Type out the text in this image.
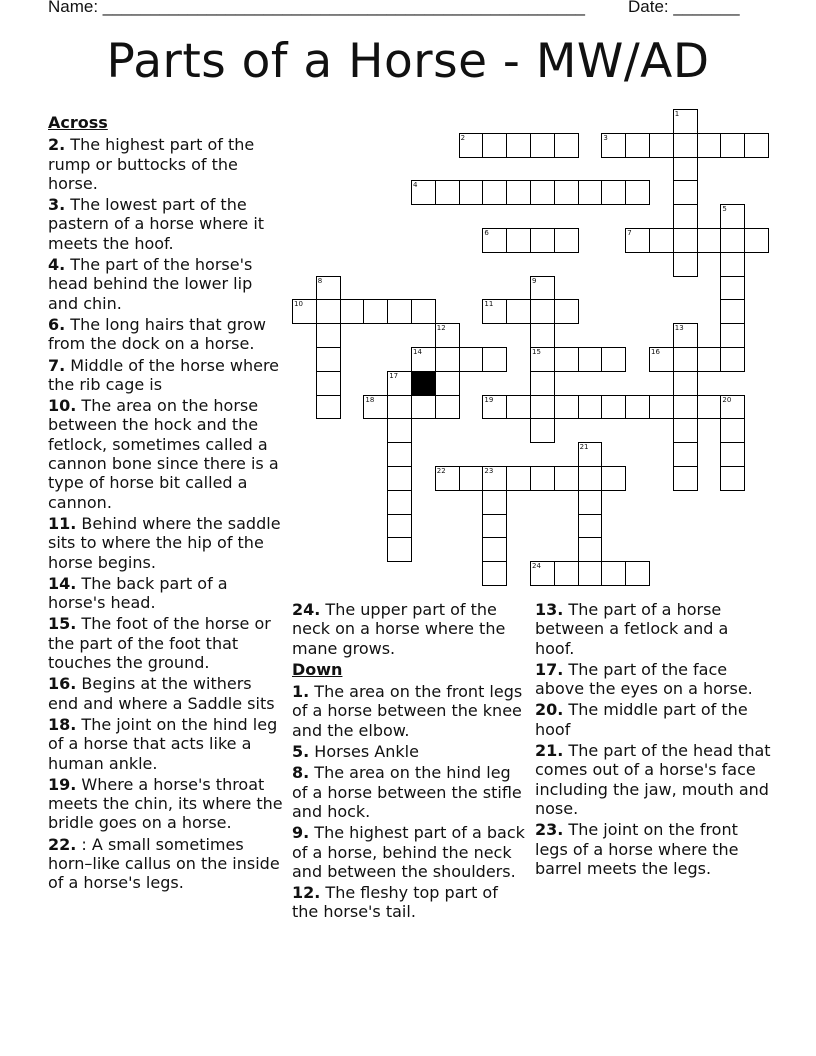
Name: ___________________________________________________	Date: _______
Parts of a Horse - MW/AD
1
2	3
4
5
6	7
8	9
15
10	11
12	13
14	16
17
18	19	20
21
22	23
24
Across
2. The highest part of the rump or buttocks of the horse.
3. The lowest part of the pastern of a horse where it meets the hoof.
4. The part of the horse's head behind the lower lip and chin.
6. The long hairs that grow from the dock on a horse.
7. Middle of the horse where the rib cage is
10. The area on the horse between the hock and the fetlock, sometimes called a cannon bone since there is a type of horse bit called a cannon.
11. Behind where the saddle sits to where the hip of the horse begins.
14. The back part of a horse's head.
15. The foot of the horse or the part of the foot that touches the ground.
16. Begins at the withers end and where a Saddle sits
18. The joint on the hind leg of a horse that acts like a human ankle.
19. Where a horse's throat meets the chin, its where the bridle goes on a horse.
22. : A small sometimes horn–like callus on the inside of a horse's legs.
24. The upper part of the neck on a horse where the mane grows.
Down
1. The area on the front legs of a horse between the knee and the elbow.
5. Horses Ankle
8. The area on the hind leg of a horse between the stifle and hock.
9. The highest part of a back of a horse, behind the neck and between the shoulders.
12. The fleshy top part of the horse's tail.
13. The part of a horse between a fetlock and a hoof.
17. The part of the face above the eyes on a horse.
20. The middle part of the hoof
21. The part of the head that comes out of a horse's face including the jaw, mouth and nose.
23. The joint on the front legs of a horse where the barrel meets the legs.
